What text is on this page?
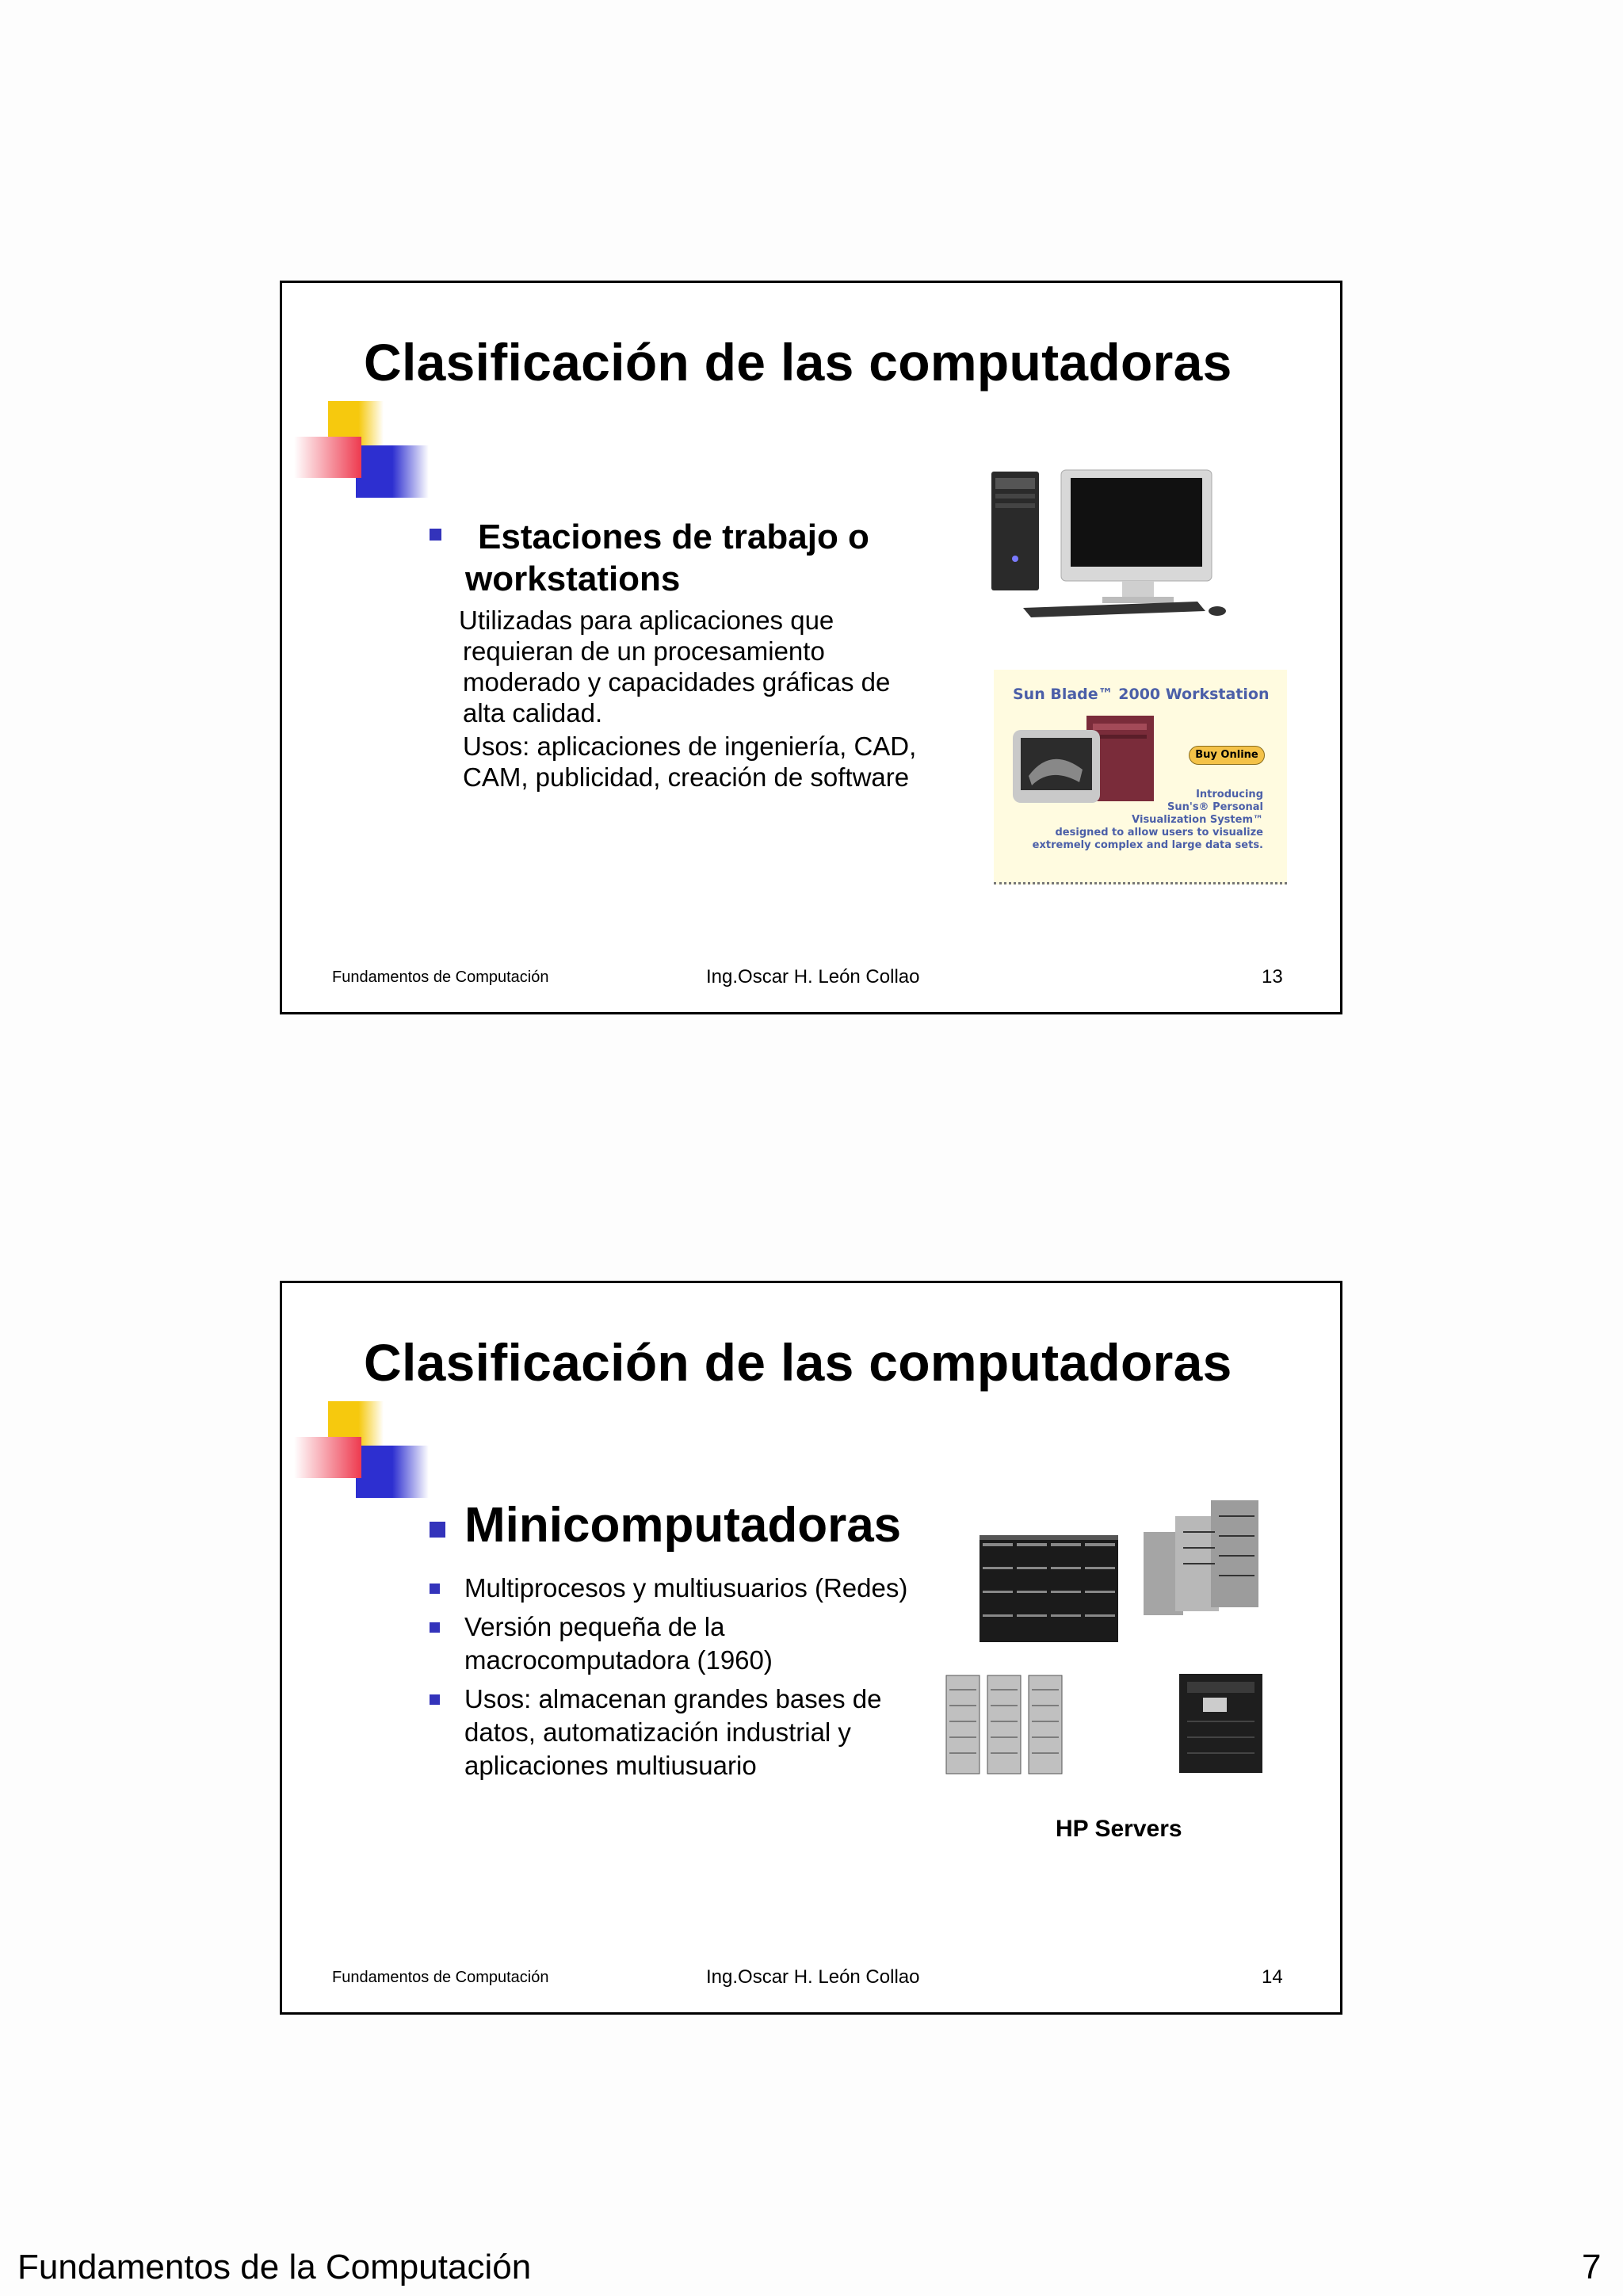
Clasificación de las computadoras
Estaciones de trabajo o
workstations
Utilizadas para aplicaciones que
requieran de un procesamiento
moderado y capacidades gráficas de
alta calidad.
Usos: aplicaciones de ingeniería, CAD,
CAM, publicidad, creación de software
Sun Blade™ 2000 Workstation
Buy Online
Introducing
Sun's® Personal
Visualization System™
designed to allow users to visualize
extremely complex and large data sets.
Fundamentos de Computación	Ing.Oscar H. León Collao	13
Clasificación de las computadoras
Minicomputadoras
Multiprocesos y multiusuarios (Redes)
Versión pequeña de la
macrocomputadora (1960)
Usos: almacenan grandes bases de
datos, automatización industrial y
aplicaciones multiusuario
HP Servers
Fundamentos de Computación	Ing.Oscar H. León Collao	14
Fundamentos de la Computación	7
